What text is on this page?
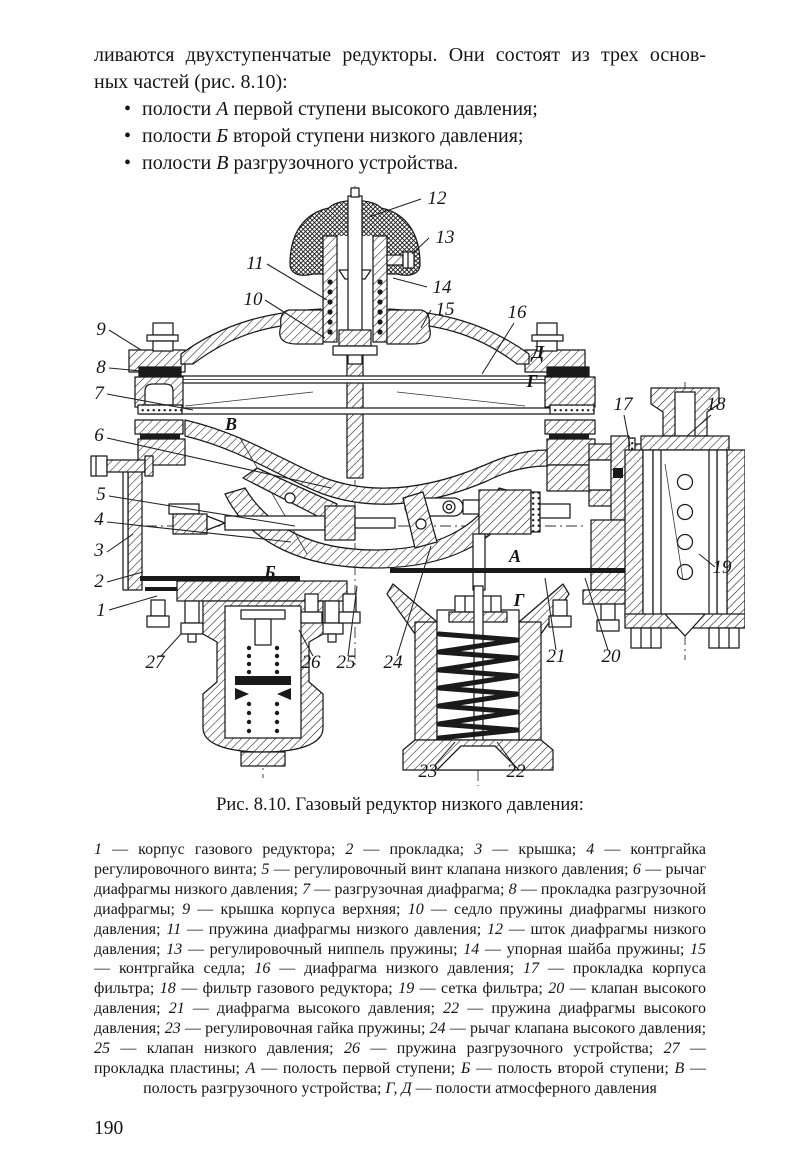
ливаются двухступенчатые редукторы. Они состоят из трех основ-
ных частей (рис. 8.10):
• полости А первой ступени высокого давления;
• полости Б второй ступени низкого давления;
• полости В разгрузочного устройства.
12
13
11
14
10	15	16
9
8
7
6
5
4
3
2
1
27	26 25 24	21 20
23	22
17	18
19
Д
Г
В
Б
А
Г
Рис. 8.10. Газовый редуктор низкого давления:

1 — корпус газового редуктора; 2 — прокладка; 3 — крышка; 4 — контргайка регулировочного винта; 5 — регулировочный винт клапана низкого давления; 6 — рычаг диафрагмы низкого давления; 7 — разгрузочная диафрагма; 8 — прокладка разгрузочной диафрагмы; 9 — крышка корпуса верхняя; 10 — седло пружины диафрагмы низкого давления; 11 — пружина диафрагмы низкого давления; 12 — шток диафрагмы низкого давления; 13 — регулировочный ниппель пружины; 14 — упорная шайба пружины; 15 — контргайка седла; 16 — диафрагма низкого давления; 17 — прокладка корпуса фильтра; 18 — фильтр газового редуктора; 19 — сетка фильтра; 20 — клапан высокого давления; 21 — диафрагма высокого давления; 22 — пружина диафрагмы высокого давления; 23 — регулировочная гайка пружины; 24 — рычаг клапана высокого давления; 25 — клапан низкого давления; 26 — пружина разгрузочного устройства; 27 — прокладка пластины; А — полость первой ступени; Б — полость второй ступени; В — полость разгрузочного устройства; Г, Д — полости атмосферного давления

190
